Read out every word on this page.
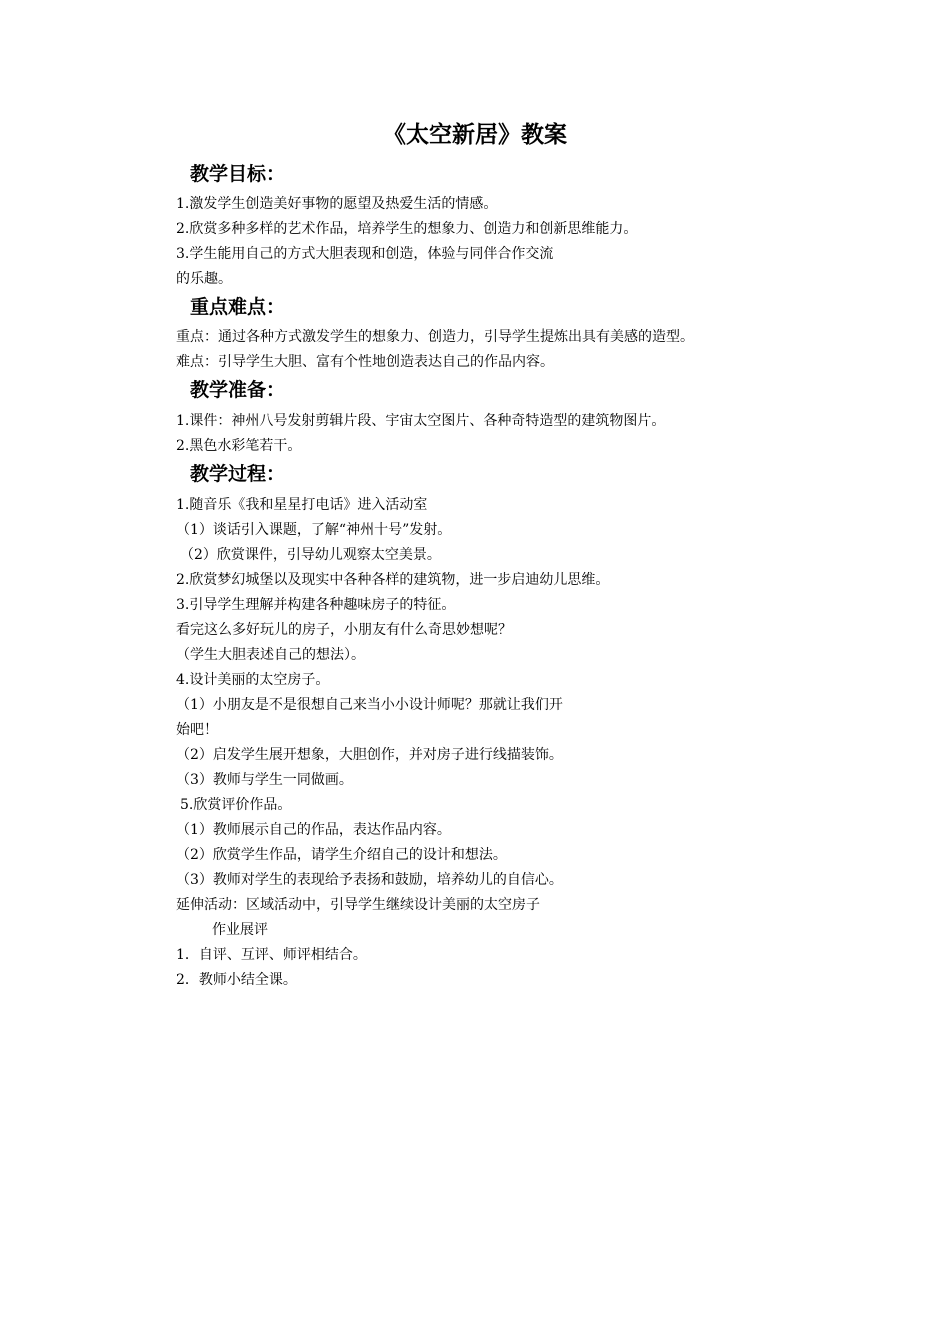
《太空新居》教案
教学目标：
1.激发学生创造美好事物的愿望及热爱生活的情感。
2.欣赏多种多样的艺术作品，培养学生的想象力、创造力和创新思维能力。
3.学生能用自己的方式大胆表现和创造，体验与同伴合作交流
的乐趣。
重点难点：
重点：通过各种方式激发学生的想象力、创造力，引导学生提炼出具有美感的造型。
难点：引导学生大胆、富有个性地创造表达自己的作品内容。
教学准备：
1.课件：神州八号发射剪辑片段、宇宙太空图片、各种奇特造型的建筑物图片。
2.黑色水彩笔若干。
教学过程：
1.随音乐《我和星星打电话》进入活动室
（1）谈话引入课题，了解“神州十号”发射。
（2）欣赏课件，引导幼儿观察太空美景。
2.欣赏梦幻城堡以及现实中各种各样的建筑物，进一步启迪幼儿思维。
3.引导学生理解并构建各种趣味房子的特征。
看完这么多好玩儿的房子，小朋友有什么奇思妙想呢？
（学生大胆表述自己的想法）。
4.设计美丽的太空房子。
（1）小朋友是不是很想自己来当小小设计师呢？那就让我们开
始吧！
（2）启发学生展开想象，大胆创作，并对房子进行线描装饰。
（3）教师与学生一同做画。
5.欣赏评价作品。
（1）教师展示自己的作品，表达作品内容。
（2）欣赏学生作品，请学生介绍自己的设计和想法。
（3）教师对学生的表现给予表扬和鼓励，培养幼儿的自信心。
延伸活动：区域活动中，引导学生继续设计美丽的太空房子
作业展评
1．自评、互评、师评相结合。
2．教师小结全课。
